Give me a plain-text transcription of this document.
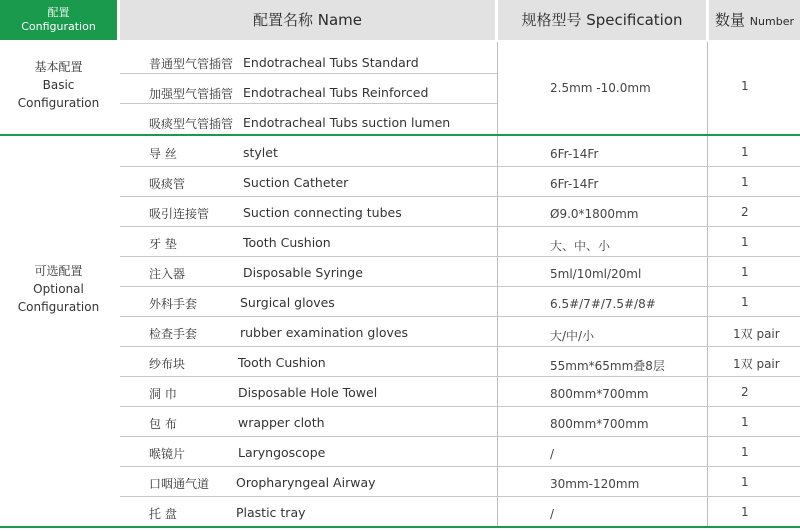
配置
Configuration	配置名称 Name	规格型号 Specification	数量 Number
基本配置
Basic
Configuration
普通型气管插管 Endotracheal Tubs Standard
加强型气管插管 Endotracheal Tubs Reinforced
吸痰型气管插管 Endotracheal Tubs suction lumen
2.5mm -10.0mm	1
可选配置
Optional
Configuration
导 丝	stylet	6Fr-14Fr	1
吸痰管	Suction Catheter	6Fr-14Fr	1
吸引连接管	Suction connecting tubes	Ø9.0*1800mm	2
牙 垫	Tooth Cushion	大、中、小	1
注入器	Disposable Syringe	5ml/10ml/20ml	1
外科手套	Surgical gloves	6.5#/7#/7.5#/8#	1
检查手套	rubber examination gloves	大/中/小	1双 pair
纱布块	Tooth Cushion	55mm*65mm叠8层	1双 pair
洞 巾	Disposable Hole Towel	800mm*700mm	2
包 布	wrapper cloth	800mm*700mm	1
喉镜片	Laryngoscope	/	1
口咽通气道 Oropharyngeal Airway	30mm-120mm	1
托 盘	Plastic tray	/	1
